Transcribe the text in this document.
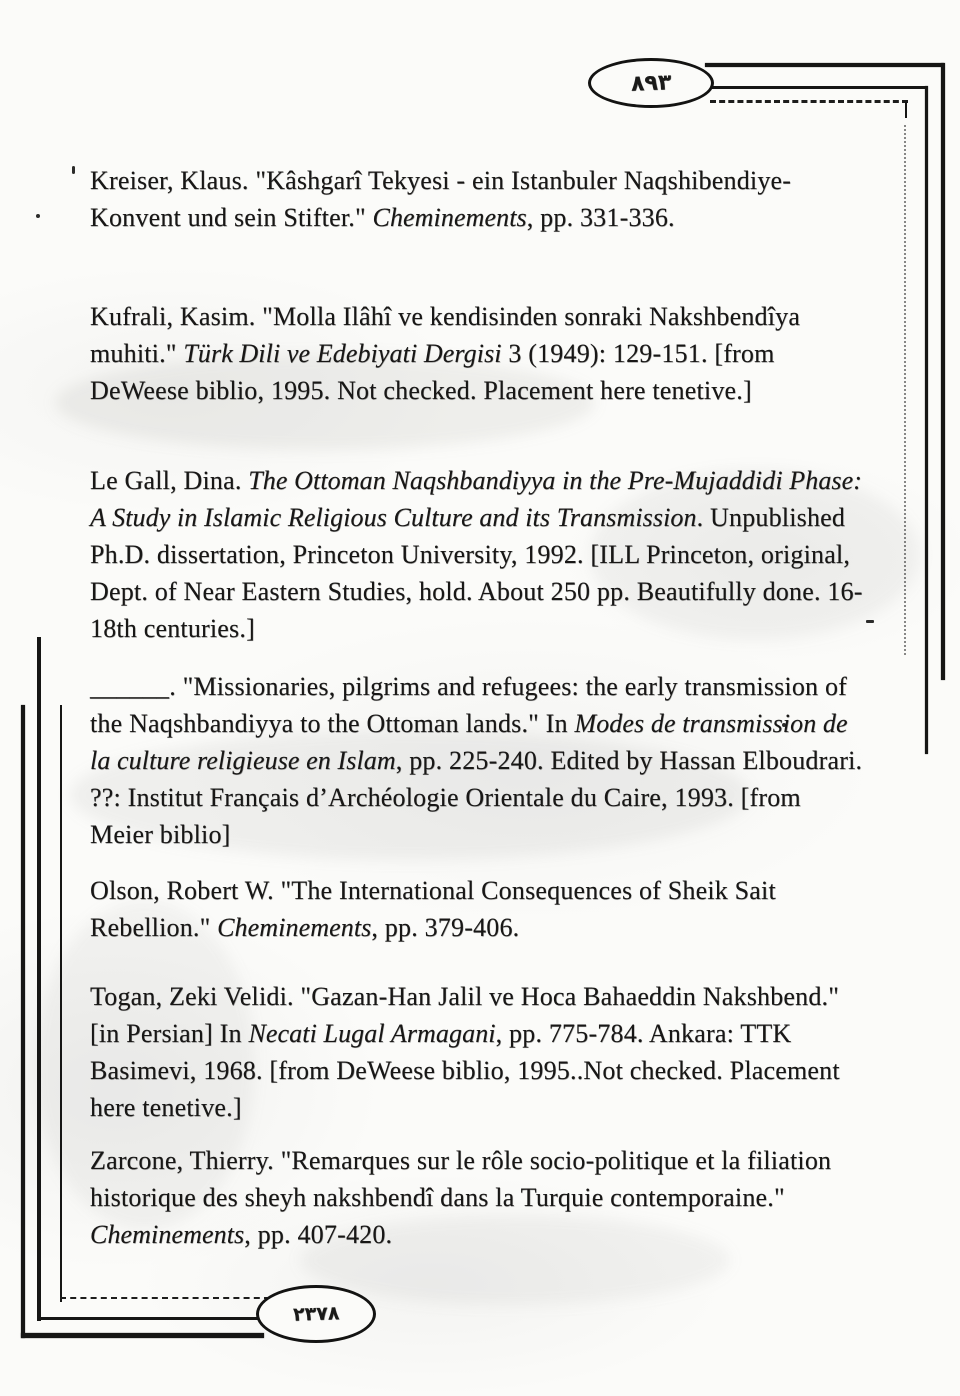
٨٩٣
٢٣٧٨

Kreiser, Klaus. "Kâshgarî Tekyesi - ein Istanbuler Naqshibendiye-Konvent und sein Stifter." Cheminements, pp. 331-336.

Kufrali, Kasim. "Molla Ilâhî ve kendisinden sonraki Nakshbendîya muhiti." Türk Dili ve Edebiyati Dergisi 3 (1949): 129-151. [from DeWeese biblio, 1995. Not checked. Placement here tenetive.]

Le Gall, Dina. The Ottoman Naqshbandiyya in the Pre-Mujaddidi Phase: A Study in Islamic Religious Culture and its Transmission. Unpublished Ph.D. dissertation, Princeton University, 1992. [ILL Princeton, original, Dept. of Near Eastern Studies, hold. About 250 pp. Beautifully done. 16-18th centuries.]

______. "Missionaries, pilgrims and refugees: the early transmission of the Naqshbandiyya to the Ottoman lands." In Modes de transmission de la culture religieuse en Islam, pp. 225-240. Edited by Hassan Elboudrari. ??: Institut Français d’Archéologie Orientale du Caire, 1993. [from Meier biblio]

Olson, Robert W. "The International Consequences of Sheik Sait Rebellion." Cheminements, pp. 379-406.

Togan, Zeki Velidi. "Gazan-Han Jalil ve Hoca Bahaeddin Nakshbend." [in Persian] In Necati Lugal Armagani, pp. 775-784. Ankara: TTK Basimevi, 1968. [from DeWeese biblio, 1995..Not checked. Placement here tenetive.]

Zarcone, Thierry. "Remarques sur le rôle socio-politique et la filiation historique des sheyh nakshbendî dans la Turquie contemporaine." Cheminements, pp. 407-420.
